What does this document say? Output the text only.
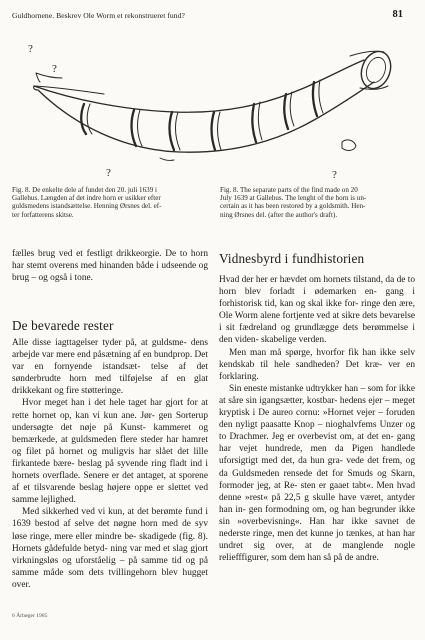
Guldhornene. Beskrev Ole Worm et rekonstrueret fund?	81
?
?
?	?
Fig. 8. De enkelte dele af fundet den 20. juli 1639 i
Gallehus. Længden af det indre horn er usikker efter
guldsmedens istandsættelse. Henning Ørsnes del. ef-
ter forfatterens skitse.
Fig. 8. The separate parts of the find made on 20
July 1639 at Gallehus. The lenght of the horn is un-
certain as it has been restored by a goldsmith. Hen-
ning Ørsnes del. (after the author's draft).

fælles brug ved et festligt drikkeorgie. De to horn har stemt overens med hinanden både i udseende og brug – og også i tone.

De bevarede rester

Alle disse iagttagelser tyder på, at guldsme- dens arbejde var mere end påsætning af en bundprop. Det var en fornyende istandsæt- telse af det sønderbrudte horn med tilføjelse af en glat drikkekant og fire støtteringe.

Hvor meget han i det hele taget har gjort for at rette hornet op, kan vi kun ane. Jør- gen Sorterup undersøgte det nøje på Kunst- kammeret og bemærkede, at guldsmeden flere steder har hamret og filet på hornet og muligvis har slået det lille firkantede bære- beslag på syvende ring fladt ind i hornets overflade. Senere er det antaget, at sporene af et tilsvarende beslag højere oppe er slettet ved samme lejlighed.

Med sikkerhed ved vi kun, at det berømte fund i 1639 bestod af selve det nøgne horn med de syv løse ringe, mere eller mindre be- skadigede (fig. 8). Hornets gådefulde betyd- ning var med et slag gjort virkningsløs og uforståelig – på samme tid og på samme måde som dets tvillingehorn blev hugget over.

Vidnesbyrd i fundhistorien

Hvad der her er hævdet om hornets tilstand, da de to horn blev forladt i ødemarken en- gang i forhistorisk tid, kan og skal ikke for- ringe den ære, Ole Worm alene fortjente ved at sikre dets bevarelse i sit fædreland og grundlægge dets berømmelse i den viden- skabelige verden.

Men man må spørge, hvorfor fik han ikke selv kendskab til hele sandheden? Det kræ- ver en forklaring.

Sin eneste mistanke udtrykker han – som for ikke at såre sin igangsætter, kostbar- hedens ejer – meget kryptisk i De aureo cornu: »Hornet vejer – foruden den nyligt paasatte Knop – nioghalvfems Unzer og to Drachmer. Jeg er overbevist om, at det en- gang har vejet hundrede, men da Pigen handlede uforsigtigt med det, da hun gra- vede det frem, og da Guldsmeden rensede det for Smuds og Skarn, formoder jeg, at Re- sten er gaaet tabt«. Men hvad denne »rest« på 22,5 g skulle have været, antyder han in- gen formodning om, og han begrunder ikke sin »overbevisning«. Han har ikke savnet de nederste ringe, men det kunne jo tænkes, at han har undret sig over, at de manglende nogle reliefffigurer, som dem han så på de andre.

6 Årbøger 1985
